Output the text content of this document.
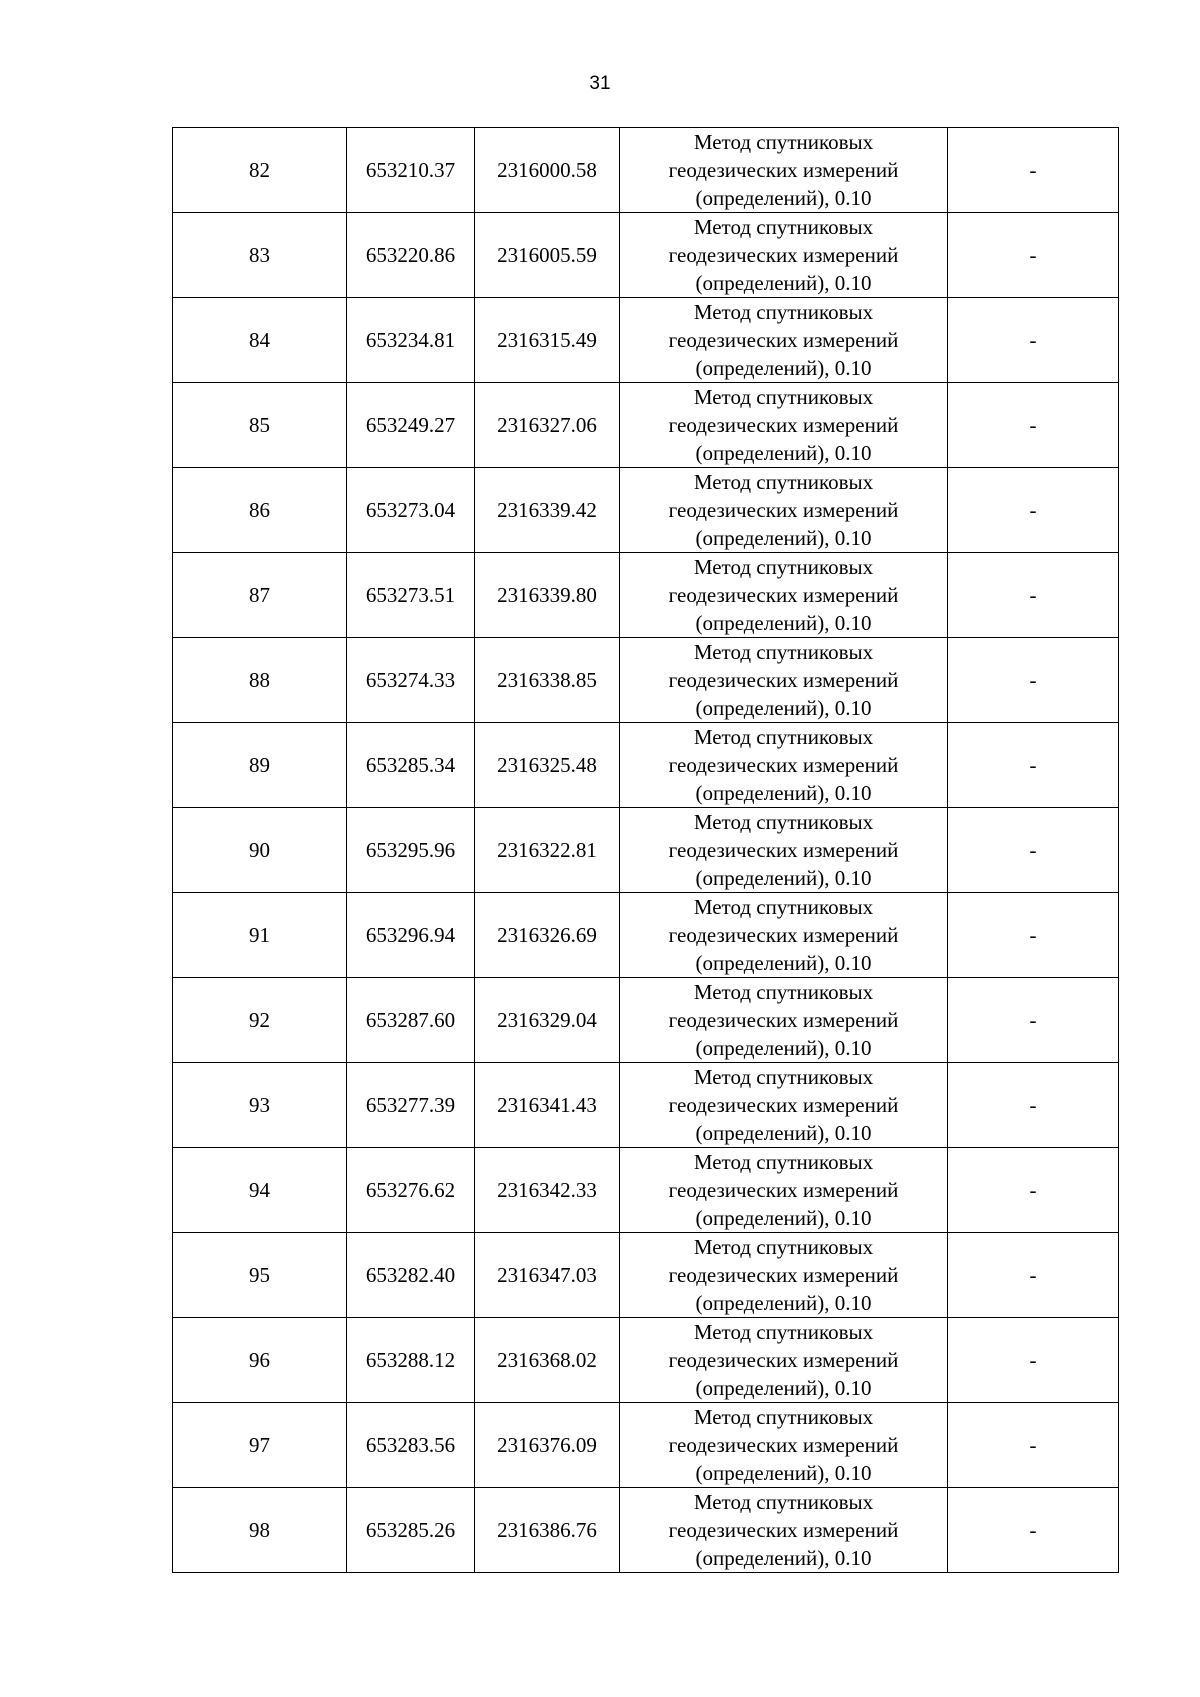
31
82	653210.37	2316000.58	Метод спутниковых
геодезических измерений
(определений), 0.10	-
83	653220.86	2316005.59	Метод спутниковых
геодезических измерений
(определений), 0.10	-
84	653234.81	2316315.49	Метод спутниковых
геодезических измерений
(определений), 0.10	-
85	653249.27	2316327.06	Метод спутниковых
геодезических измерений
(определений), 0.10	-
86	653273.04	2316339.42	Метод спутниковых
геодезических измерений
(определений), 0.10	-
87	653273.51	2316339.80	Метод спутниковых
геодезических измерений
(определений), 0.10	-
88	653274.33	2316338.85	Метод спутниковых
геодезических измерений
(определений), 0.10	-
89	653285.34	2316325.48	Метод спутниковых
геодезических измерений
(определений), 0.10	-
90	653295.96	2316322.81	Метод спутниковых
геодезических измерений
(определений), 0.10	-
91	653296.94	2316326.69	Метод спутниковых
геодезических измерений
(определений), 0.10	-
92	653287.60	2316329.04	Метод спутниковых
геодезических измерений
(определений), 0.10	-
93	653277.39	2316341.43	Метод спутниковых
геодезических измерений
(определений), 0.10	-
94	653276.62	2316342.33	Метод спутниковых
геодезических измерений
(определений), 0.10	-
95	653282.40	2316347.03	Метод спутниковых
геодезических измерений
(определений), 0.10	-
96	653288.12	2316368.02	Метод спутниковых
геодезических измерений
(определений), 0.10	-
97	653283.56	2316376.09	Метод спутниковых
геодезических измерений
(определений), 0.10	-
98	653285.26	2316386.76	Метод спутниковых
геодезических измерений
(определений), 0.10	-
